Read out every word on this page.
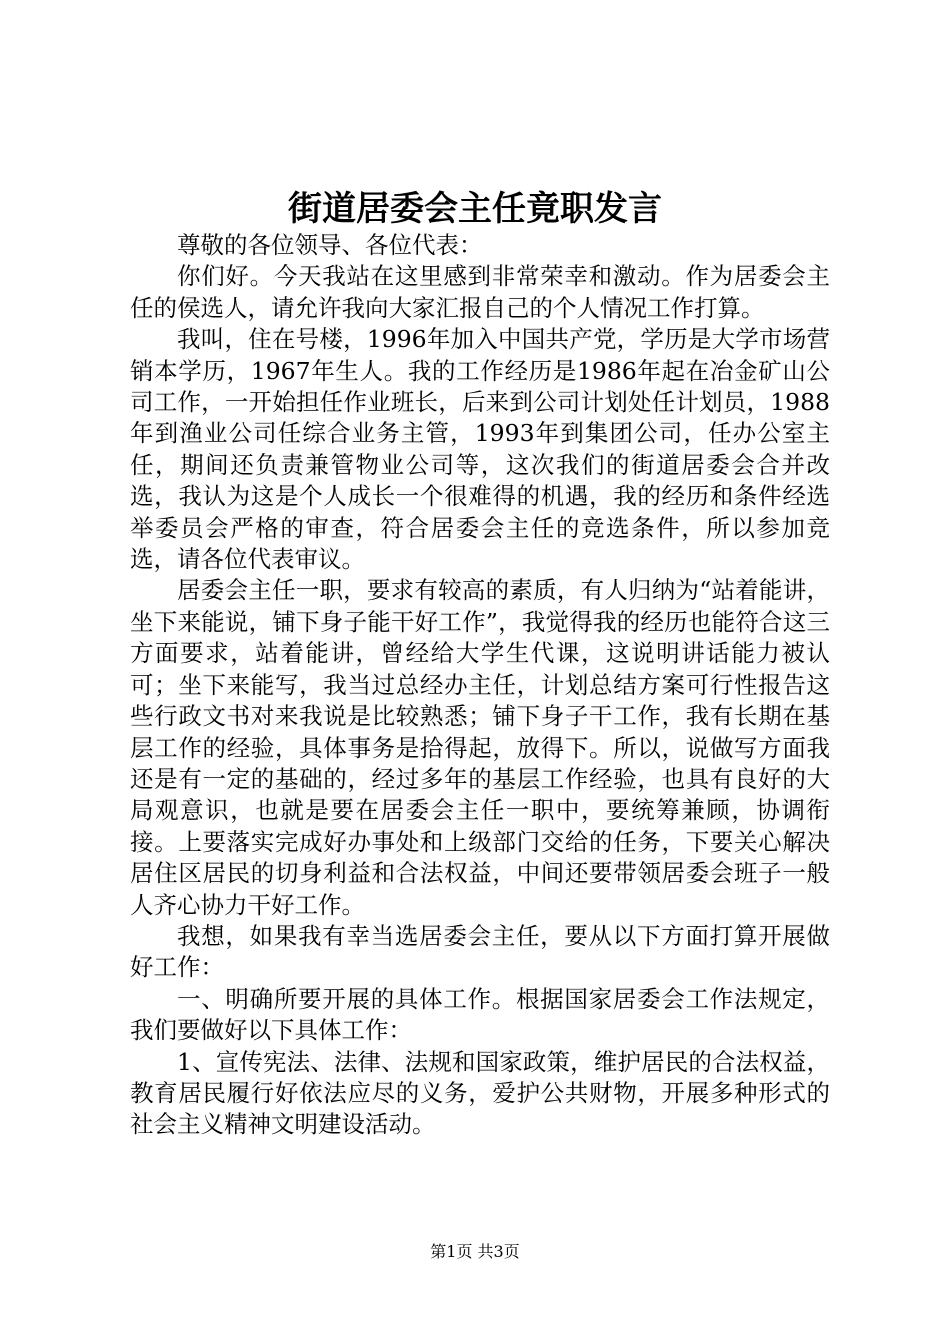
街道居委会主任竟职发言

尊敬的各位领导、各位代表：

你们好。今天我站在这里感到非常荣幸和激动。作为居委会主任的侯选人，请允许我向大家汇报自己的个人情况工作打算。

我叫，住在号楼，1996年加入中国共产党，学历是大学市场营销本学历，1967年生人。我的工作经历是1986年起在冶金矿山公司工作，一开始担任作业班长，后来到公司计划处任计划员，1988年到渔业公司任综合业务主管，1993年到集团公司，任办公室主任，期间还负责兼管物业公司等，这次我们的街道居委会合并改选，我认为这是个人成长一个很难得的机遇，我的经历和条件经选举委员会严格的审查，符合居委会主任的竞选条件，所以参加竞选，请各位代表审议。

居委会主任一职，要求有较高的素质，有人归纳为“站着能讲，坐下来能说，铺下身子能干好工作”，我觉得我的经历也能符合这三方面要求，站着能讲，曾经给大学生代课，这说明讲话能力被认可；坐下来能写，我当过总经办主任，计划总结方案可行性报告这些行政文书对来我说是比较熟悉；铺下身子干工作，我有长期在基层工作的经验，具体事务是拾得起，放得下。所以，说做写方面我还是有一定的基础的，经过多年的基层工作经验，也具有良好的大局观意识，也就是要在居委会主任一职中，要统筹兼顾，协调衔接。上要落实完成好办事处和上级部门交给的任务，下要关心解决居住区居民的切身利益和合法权益，中间还要带领居委会班子一般人齐心协力干好工作。

我想，如果我有幸当选居委会主任，要从以下方面打算开展做好工作：

一、明确所要开展的具体工作。根据国家居委会工作法规定，我们要做好以下具体工作：

1、宣传宪法、法律、法规和国家政策，维护居民的合法权益，教育居民履行好依法应尽的义务，爱护公共财物，开展多种形式的社会主义精神文明建设活动。

第1页 共3页
